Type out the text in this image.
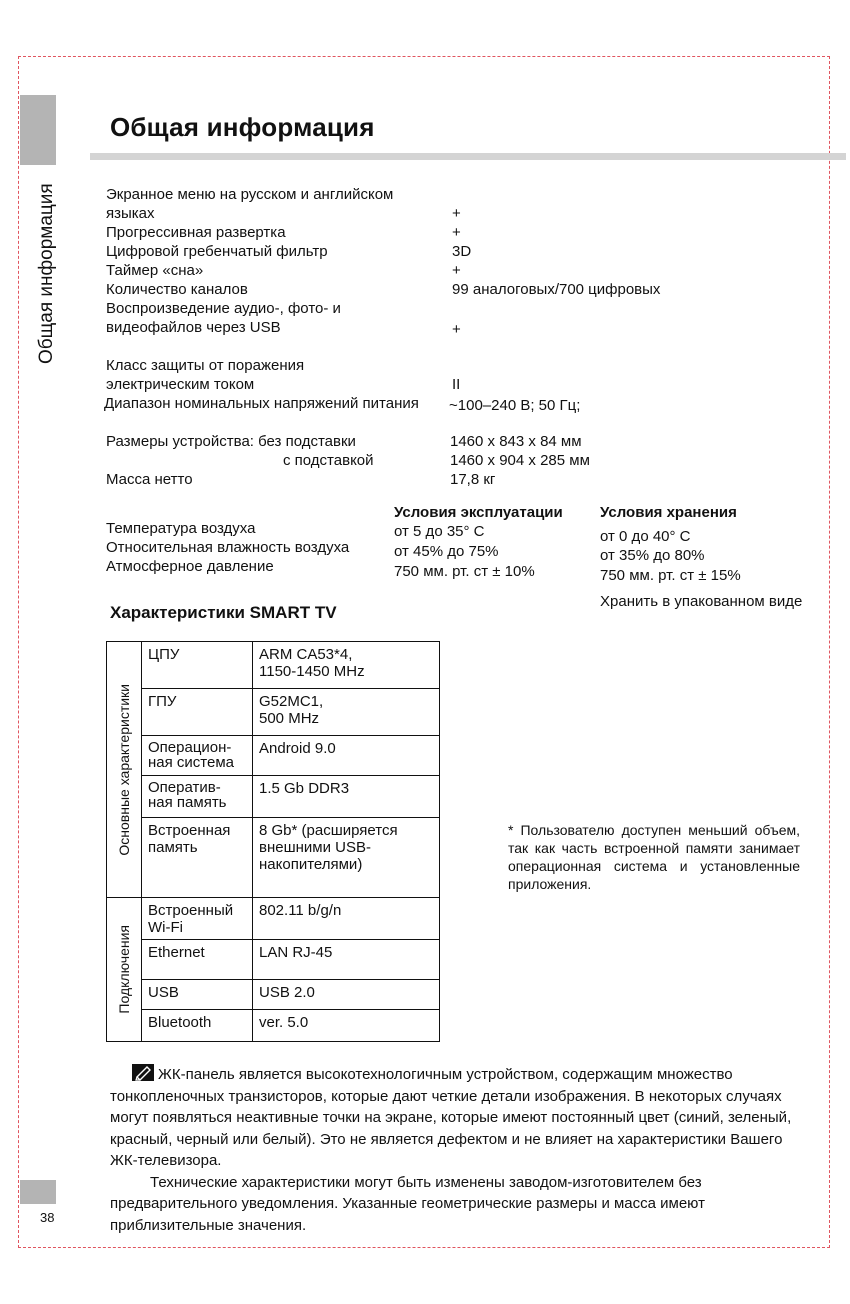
Общая информация
Общая информация	Экранное меню на русском и английском
языках	+
Прогрессивная развертка	+
Цифровой гребенчатый фильтр	3D
Таймер «сна»	+
Количество каналов	99 аналоговых/700 цифровых
Воспроизведение аудио-, фото- и
видеофайлов через USB	+
Класс защиты от поражения
электрическим током	II
Диапазон номинальных напряжений питания ~100–240 В; 50 Гц;
Размеры устройства: без подставки	1460 х 843 х 84 мм
с подставкой	1460 х 904 х 285 мм
Масса нетто	17,8 кг
Условия эксплуатации Условия хранения
Температура воздуха	от 5 до 35° С	от 0 до 40° С
Относительная влажность воздуха	от 45% до 75%	от 35% до 80%
Атмосферное давление	750 мм. рт. ст ± 10%	750 мм. рт. ст ± 15%
Хранить в упакованном виде
Характеристики SMART TV
Основные характеристики	ЦПУ	ARM CA53*4,
1150-1450 MHz
	ГПУ	G52MC1,
500 MHz
	Операцион-
ная система	Android 9.0
	Оператив-
ная память	1.5 Gb DDR3
	Встроенная
память	8 Gb* (расширяется
внешними USB-
накопителями)

Подключения	Встроенный
Wi-Fi	802.11 b/g/n
	Ethernet	LAN RJ-45
	USB	USB 2.0
	Bluetooth	ver. 5.0
* Пользователю доступен меньший объем, так как часть встроенной памяти занимает операционная система и установленные приложения.
ЖК-панель является высокотехнологичным устройством, содержащим множество тонкопленочных транзисторов, которые дают четкие детали изображения. В некоторых случаях могут появляться неактивные точки на экране, которые имеют постоянный цвет (синий, зеленый, красный, черный или белый). Это не является дефектом и не влияет на характеристики Вашего ЖК-телевизора.
Технические характеристики могут быть изменены заводом-изготовителем без предварительного уведомления. Указанные геометрические размеры и масса имеют приблизительные значения.
38
